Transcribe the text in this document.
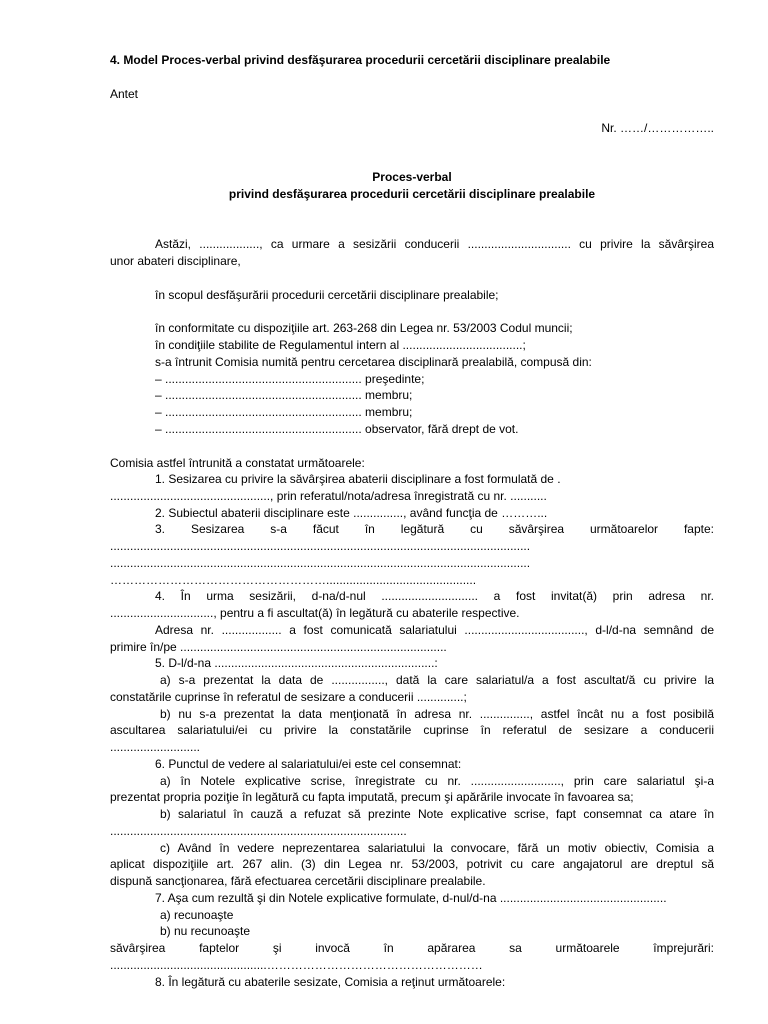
4. Model Proces-verbal privind desfăşurarea procedurii cercetării disciplinare prealabile
Antet
Nr. ……/……………..
Proces-verbal
privind desfăşurarea procedurii cercetării disciplinare prealabile
Astăzi, .................., ca urmare a sesizării conducerii ............................... cu privire la săvârşirea
unor abateri disciplinare,
în scopul desfăşurării procedurii cercetării disciplinare prealabile;
în conformitate cu dispoziţiile art. 263-268 din Legea nr. 53/2003 Codul muncii;
în condiţiile stabilite de Regulamentul intern al ....................................;
s-a întrunit Comisia numită pentru cercetarea disciplinară prealabilă, compusă din:
– ........................................................... preşedinte;
– ........................................................... membru;
– ........................................................... membru;
– ........................................................... observator, fără drept de vot.
Comisia astfel întrunită a constatat următoarele:
1. Sesizarea cu privire la săvârşirea abaterii disciplinare a fost formulată de .
................................................, prin referatul/nota/adresa înregistrată cu nr. ...........
2. Subiectul abaterii disciplinare este ..............., având funcţia de ………...
3. Sesizarea s-a făcut în legătură cu săvârşirea următoarelor fapte:
..............................................................................................................................
..............................................................................................................................
……………………………………………….............................................
4. În urma sesizării, d-na/d-nul ............................. a fost invitat(ă) prin adresa nr.
..............................., pentru a fi ascultat(ă) în legătură cu abaterile respective.
Adresa nr. .................. a fost comunicată salariatului ...................................., d-l/d-na semnând de
primire în/pe ................................................................................
5. D-l/d-na ..................................................................:
a) s-a prezentat la data de ................, dată la care salariatul/a a fost ascultat/ă cu privire la
constatările cuprinse în referatul de sesizare a conducerii ..............;
b) nu s-a prezentat la data menţionată în adresa nr. ..............., astfel încât nu a fost posibilă
ascultarea salariatului/ei cu privire la constatările cuprinse în referatul de sesizare a conducerii
...........................
6. Punctul de vedere al salariatului/ei este cel consemnat:
a) în Notele explicative scrise, înregistrate cu nr. ..........................., prin care salariatul şi-a
prezentat propria poziţie în legătură cu fapta imputată, precum şi apărările invocate în favoarea sa;
b) salariatul în cauză a refuzat să prezinte Note explicative scrise, fapt consemnat ca atare în
.........................................................................................
c) Având în vedere neprezentarea salariatului la convocare, fără un motiv obiectiv, Comisia a
aplicat dispoziţiile art. 267 alin. (3) din Legea nr. 53/2003, potrivit cu care angajatorul are dreptul să
dispună sancţionarea, fără efectuarea cercetării disciplinare prealabile.
7. Aşa cum rezultă şi din Notele explicative formulate, d-nul/d-na ..................................................
a) recunoaşte
b) nu recunoaşte
săvârşirea faptelor şi invocă în apărarea sa următoarele împrejurări:
...............................................………………………………………………
8. În legătură cu abaterile sesizate, Comisia a reţinut următoarele:
